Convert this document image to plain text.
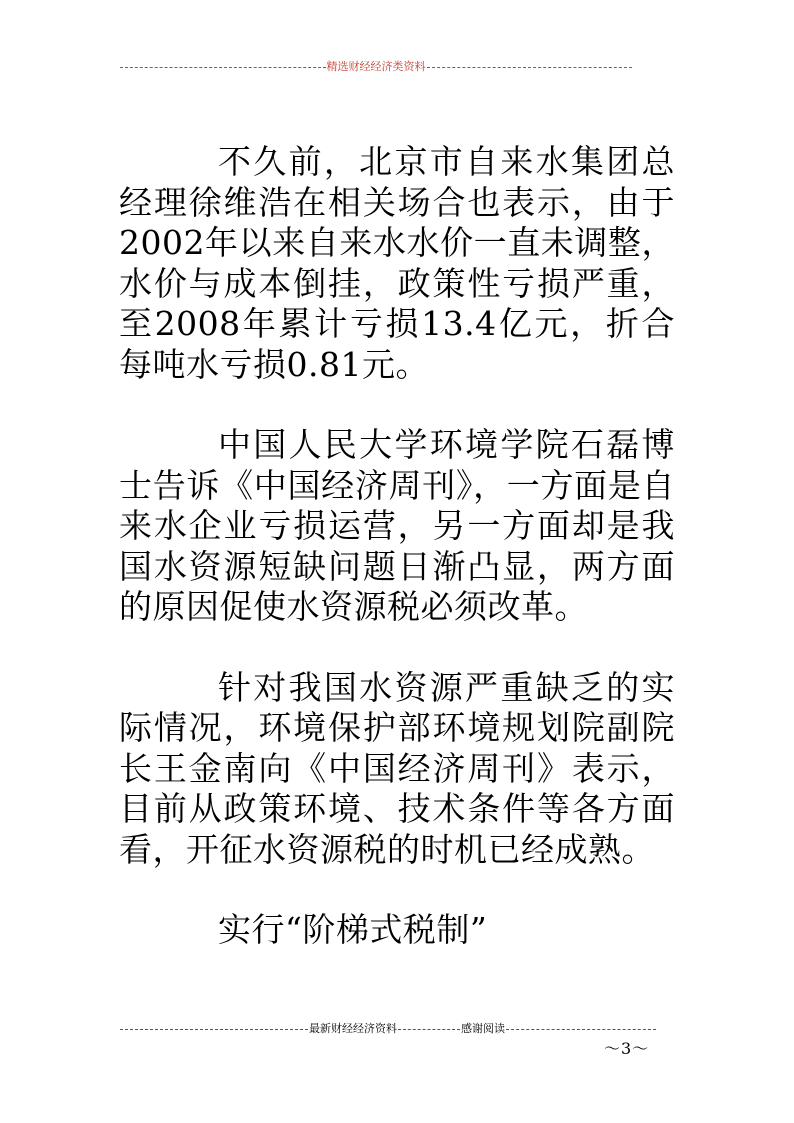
精选财经经济类资料

不久前，北京市自来水集团总经理徐维浩在相关场合也表示，由于2002年以来自来水水价一直未调整，水价与成本倒挂，政策性亏损严重，至2008年累计亏损13.4亿元，折合每吨水亏损0.81元。

中国人民大学环境学院石磊博士告诉《中国经济周刊》，一方面是自来水企业亏损运营，另一方面却是我国水资源短缺问题日渐凸显，两方面的原因促使水资源税必须改革。

针对我国水资源严重缺乏的实际情况，环境保护部环境规划院副院长王金南向《中国经济周刊》表示，目前从政策环境、技术条件等各方面看，开征水资源税的时机已经成熟。

实行“阶梯式税制”

最新财经经济资料	感谢阅读
～3～
